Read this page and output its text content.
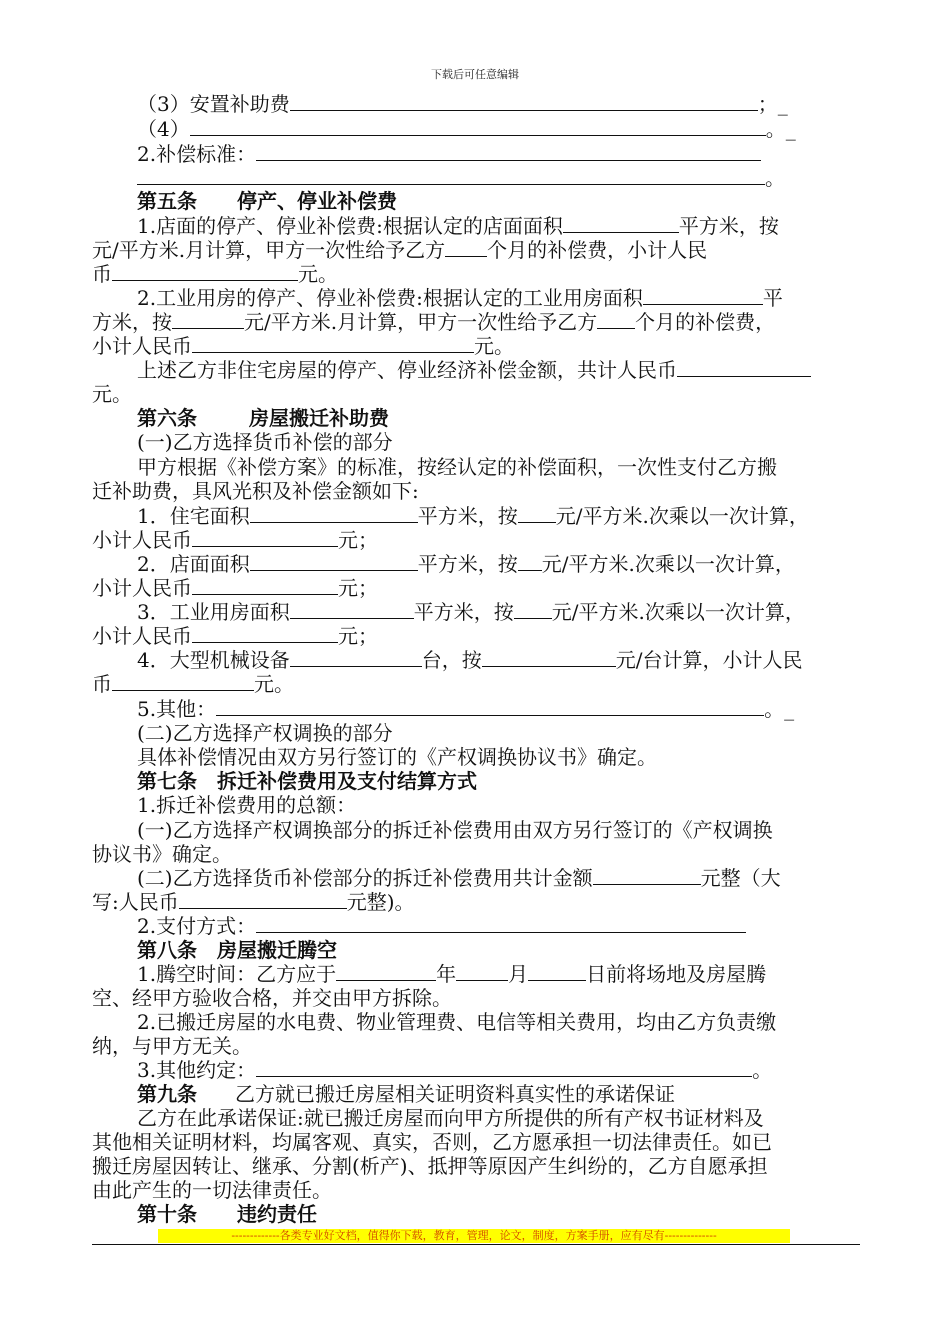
下载后可任意编辑
（3）安置补助费	；_
（4）	。_
2.补偿标准：
。
第五条 停产、停业补偿费
1.店面的停产、停业补偿费:根据认定的店面面积	平方米，按
元/平方米.月计算，甲方一次性给予乙方 个月的补偿费，小计人民
币	元。
2.工业用房的停产、停业补偿费:根据认定的工业用房面积	平
方米，按	元/平方米.月计算，甲方一次性给予乙方 个月的补偿费，
小计人民币	元。
上述乙方非住宅房屋的停产、停业经济补偿金额，共计人民币
元。
第六条	房屋搬迁补助费
(一)乙方选择货币补偿的部分
甲方根据《补偿方案》的标准，按经认定的补偿面积，一次性支付乙方搬
迁补助费，具风光积及补偿金额如下:
1．住宅面积	平方米，按 元/平方米.次乘以一次计算，
小计人民币	元；
2．店面面积	平方米，按 元/平方米.次乘以一次计算，
小计人民币	元；
3．工业用房面积	平方米，按 元/平方米.次乘以一次计算，
小计人民币	元；
4．大型机械设备	台，按	元/台计算，小计人民
币	元。
5.其他：	。_
(二)乙方选择产权调换的部分
具体补偿情况由双方另行签订的《产权调换协议书》确定。
第七条 拆迁补偿费用及支付结算方式
1.拆迁补偿费用的总额：
(一)乙方选择产权调换部分的拆迁补偿费用由双方另行签订的《产权调换
协议书》确定。
(二)乙方选择货币补偿部分的拆迁补偿费用共计金额	元整（大
写:人民币	元整)。
2.支付方式：
第八条 房屋搬迁腾空
1.腾空时间：乙方应于	年	月	日前将场地及房屋腾
空、经甲方验收合格，并交由甲方拆除。
2.已搬迁房屋的水电费、物业管理费、电信等相关费用，均由乙方负责缴
纳，与甲方无关。
3.其他约定：	。
第九条 乙方就已搬迁房屋相关证明资料真实性的承诺保证
乙方在此承诺保证:就已搬迁房屋而向甲方所提供的所有产权书证材料及
其他相关证明材料，均属客观、真实，否则，乙方愿承担一切法律责任。如已
搬迁房屋因转让、继承、分割(析产)、抵押等原因产生纠纷的，乙方自愿承担
由此产生的一切法律责任。
第十条 违约责任
-------------各类专业好文档，值得你下载，教育，管理，论文，制度，方案手册，应有尽有--------------
